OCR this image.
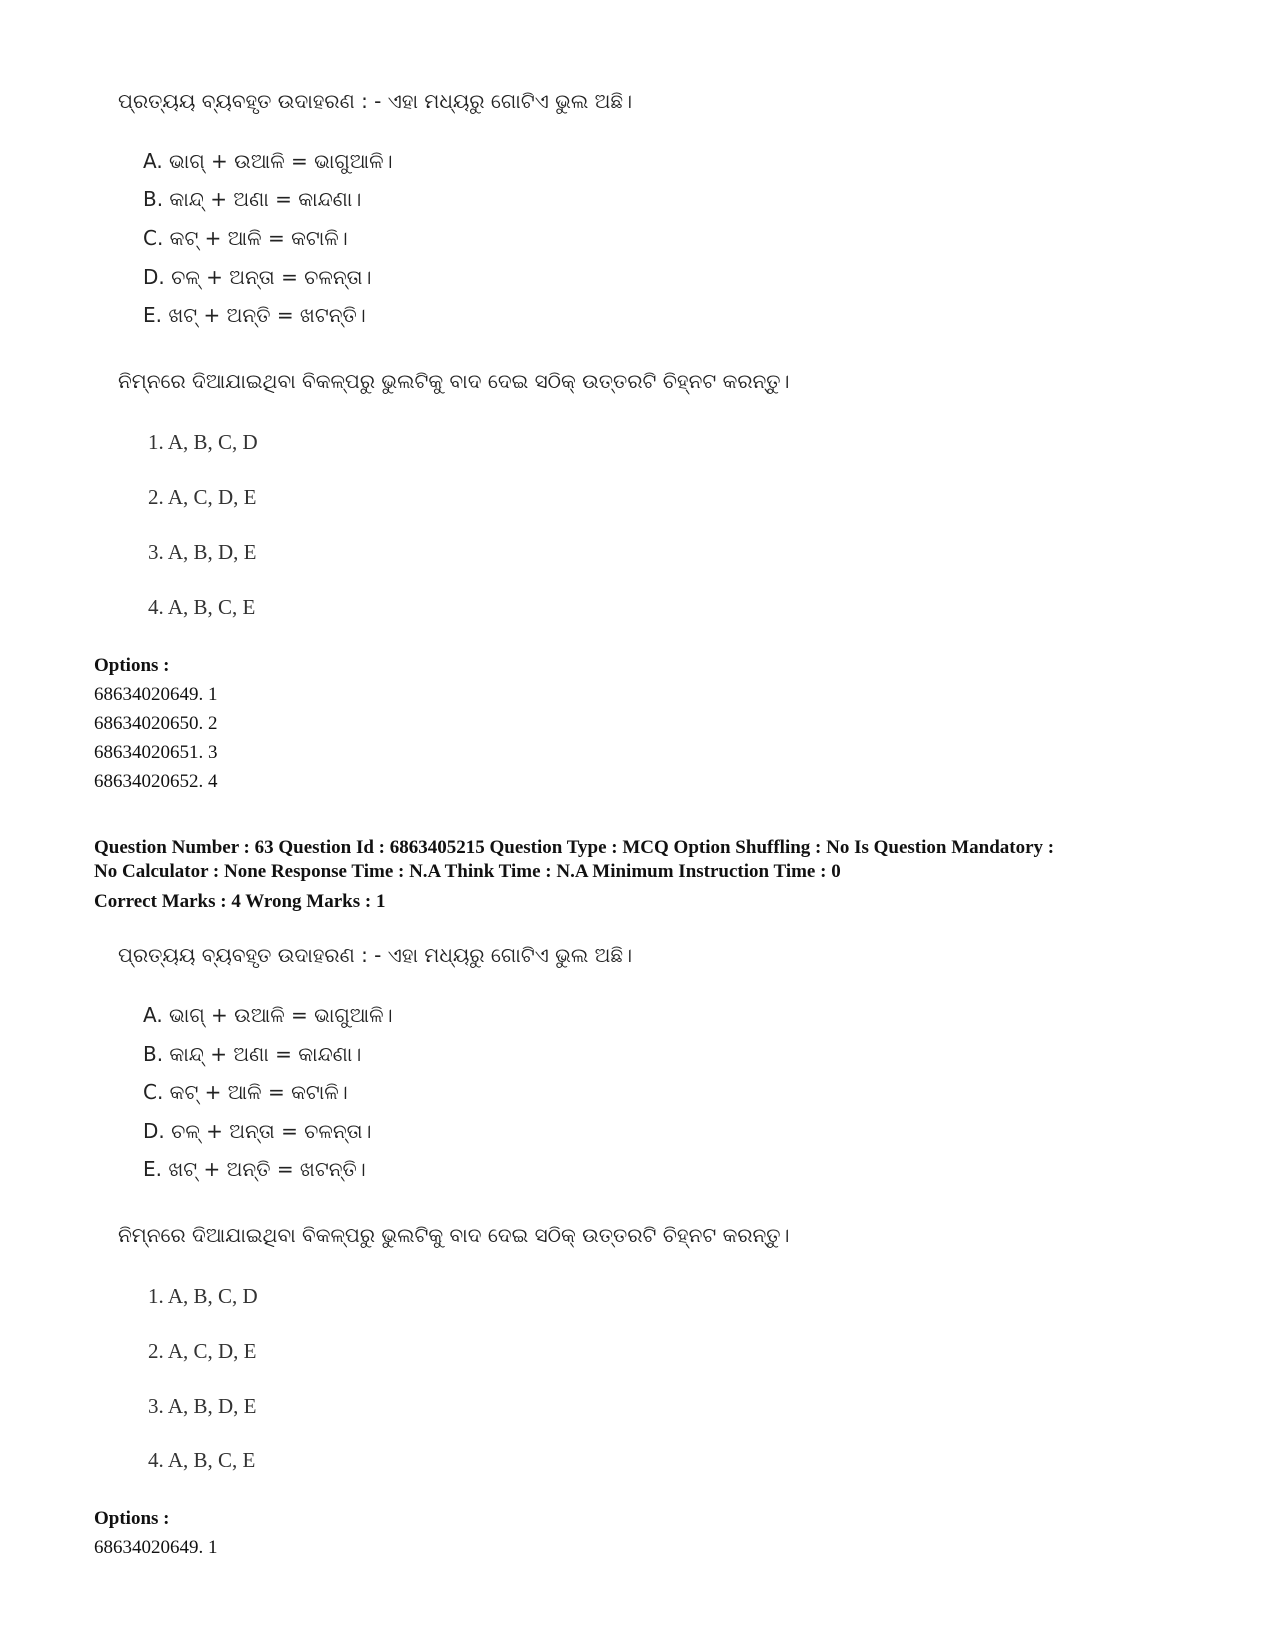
ପ୍ରତ୍ୟୟ ବ୍ୟବହୃତ ଉଦାହରଣ : - ଏହା ମଧ୍ୟରୁ ଗୋଟିଏ ଭୁଲ ଅଛି।
A. ଭାଗ୍ + ଉଆଳି = ଭାଗୁଆଳି।
B. କାନ୍ଦ୍ + ଅଣା = କାନ୍ଦଣା।
C. କଟ୍ + ଆଳି = କଟାଳି।
D. ଚଳ୍ + ଅନ୍ତା = ଚଳନ୍ତା।
E. ଖଟ୍ + ଅନ୍ତି = ଖଟନ୍ତି।
ନିମ୍ନରେ ଦିଆଯାଇଥିବା ବିକଳ୍ପରୁ ଭୁଲଟିକୁ ବାଦ ଦେଇ ସଠିକ୍ ଉତ୍ତରଟି ଚିହ୍ନଟ କରନ୍ତୁ।
1. A, B, C, D
2. A, C, D, E
3. A, B, D, E
4. A, B, C, E
Options :
68634020649. 1
68634020650. 2
68634020651. 3
68634020652. 4
Question Number : 63 Question Id : 6863405215 Question Type : MCQ Option Shuffling : No Is Question Mandatory :
No Calculator : None Response Time : N.A Think Time : N.A Minimum Instruction Time : 0
Correct Marks : 4 Wrong Marks : 1
ପ୍ରତ୍ୟୟ ବ୍ୟବହୃତ ଉଦାହରଣ : - ଏହା ମଧ୍ୟରୁ ଗୋଟିଏ ଭୁଲ ଅଛି।
A. ଭାଗ୍ + ଉଆଳି = ଭାଗୁଆଳି।
B. କାନ୍ଦ୍ + ଅଣା = କାନ୍ଦଣା।
C. କଟ୍ + ଆଳି = କଟାଳି।
D. ଚଳ୍ + ଅନ୍ତା = ଚଳନ୍ତା।
E. ଖଟ୍ + ଅନ୍ତି = ଖଟନ୍ତି।
ନିମ୍ନରେ ଦିଆଯାଇଥିବା ବିକଳ୍ପରୁ ଭୁଲଟିକୁ ବାଦ ଦେଇ ସଠିକ୍ ଉତ୍ତରଟି ଚିହ୍ନଟ କରନ୍ତୁ।
1. A, B, C, D
2. A, C, D, E
3. A, B, D, E
4. A, B, C, E
Options :
68634020649. 1
